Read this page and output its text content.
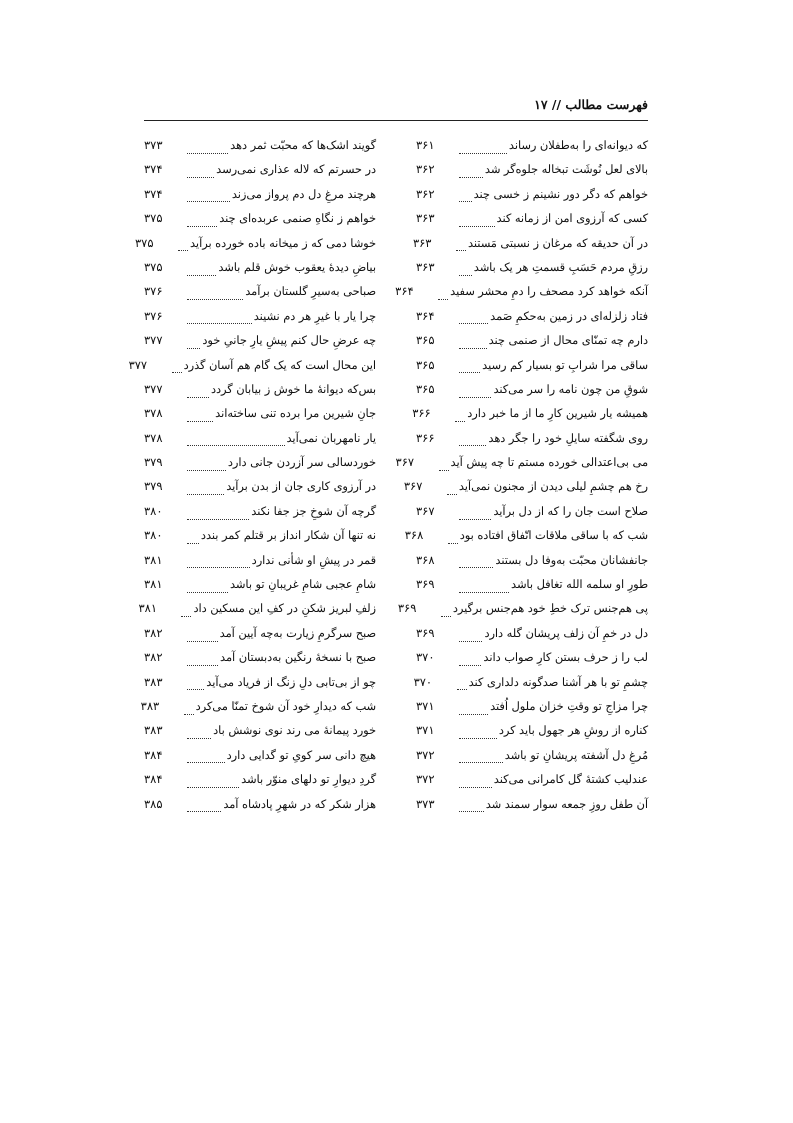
فهرست مطالب // ۱۷
که دیوانه‌ای را به‌طفلان رساند
۳۶۱
بالای لعل نُوشَت تبخاله جلوه‌گر شد
۳۶۲
خواهم که دگر دور نشینم ز خسی چند
۳۶۲
کسی که آرزوی امن از زمانه کند
۳۶۳
در آن حدیقه که مرغان ز نسبتی مَستند
۳۶۳
رزقِ مردم حَسَبِ قسمتِ هر یک باشد
۳۶۳
آنکه خواهد کرد مصحف را دمِ محشر سفید
۳۶۴
فتاد زلزله‌ای در زمین به‌حکمِ صَمد
۳۶۴
دارم چه تمنّای محال از صنمی چند
۳۶۵
ساقی مرا شرابِ تو بسیار کم رسید
۳۶۵
شوقِ من چون نامه را سر می‌کند
۳۶۵
همیشه یار شیرین کارِ ما از ما خبر دارد
۳۶۶
روی شگفته سایلِ خود را جگر دهد
۳۶۶
می بی‌اعتدالی خورده مستم تا چه پیش آید
۳۶۷
رخ هم چشمِ لیلی دیدن از مجنون نمی‌آید
۳۶۷
صلاح است جان را که از دل برآید
۳۶۷
شب که با ساقی ملاقات اتّفاق افتاده بود
۳۶۸
جانفشانان محبّت به‌وفا دل بستند
۳۶۸
طورِ او سلمه الله تغافل باشد
۳۶۹
پی هم‌جنس ترک خطِ خود هم‌جنس برگیرد
۳۶۹
دل در خمِ آن زلف پریشان گله دارد
۳۶۹
لب را ز حرف بستن کارِ صواب داند
۳۷۰
چشمِ تو با هر آشنا صدگونه دلداری کند
۳۷۰
چرا مزاجِ تو وقتِ خزان ملول اُفتد
۳۷۱
کناره از روشِ هر جهول باید کرد
۳۷۱
مُرغِ دل آشفته پریشانِ تو باشد
۳۷۲
عندلیب کشتهٔ گل کامرانی می‌کند
۳۷۲
آن طفل روزِ جمعه سوار سمند شد
۳۷۳
گویند اشک‌ها که محبّت ثمر دهد
۳۷۳
در حسرتم که لاله عذاری نمی‌رسد
۳۷۴
هرچند مرغِ دل دم پرواز می‌زند
۳۷۴
خواهم ز نگاهِ صنمی عربده‌ای چند
۳۷۵
خوشا دمی که ز میخانه باده خورده برآید
۳۷۵
بیاضِ دیدهٔ یعقوب خوش قلم باشد
۳۷۵
صباحی به‌سیرِ گلستان برآمد
۳۷۶
چرا یار با غیرِ هر دم نشیند
۳۷۶
چه عرضِ حال کنم پیشِ یارِ جانیِ خود
۳۷۷
این محال است که یک گام هم آسان گذرد
۳۷۷
بس‌که دیوانهٔ ما خوش ز بیابان گردد
۳۷۷
جانِ شیرین مرا برده تنی ساخته‌اند
۳۷۸
یار نامهربان نمی‌آید
۳۷۸
خوردسالی سر آزردن جانی دارد
۳۷۹
در آرزوی کاری جان از بدن برآید
۳۷۹
گرچه آن شوخِ جز جفا نکند
۳۸۰
نه تنها آن شکار انداز بر قتلم کمر بندد
۳۸۰
قمر در پیشِ او شأنی ندارد
۳۸۱
شامِ عجبی شامِ غریبانِ تو باشد
۳۸۱
زلفِ لبریز شکنِ در کفِ این مسکین داد
۳۸۱
صبح سرگرمِ زیارت به‌چه آیین آمد
۳۸۲
صبح با نسخهٔ رنگین به‌دبستان آمد
۳۸۲
چو از بی‌تابی دلِ زنگ از فریاد می‌آید
۳۸۳
شب که دیدارِ خود آن شوخ تمنّا می‌کرد
۳۸۳
خورد پیمانهٔ می رند نوی نوشش باد
۳۸۳
هیچ دانی سر کویِ تو گدایی دارد
۳۸۴
گردِ دیوارِ تو دلهای منوّر باشد
۳۸۴
هزار شکر که در شهرِ پادشاه آمد
۳۸۵
